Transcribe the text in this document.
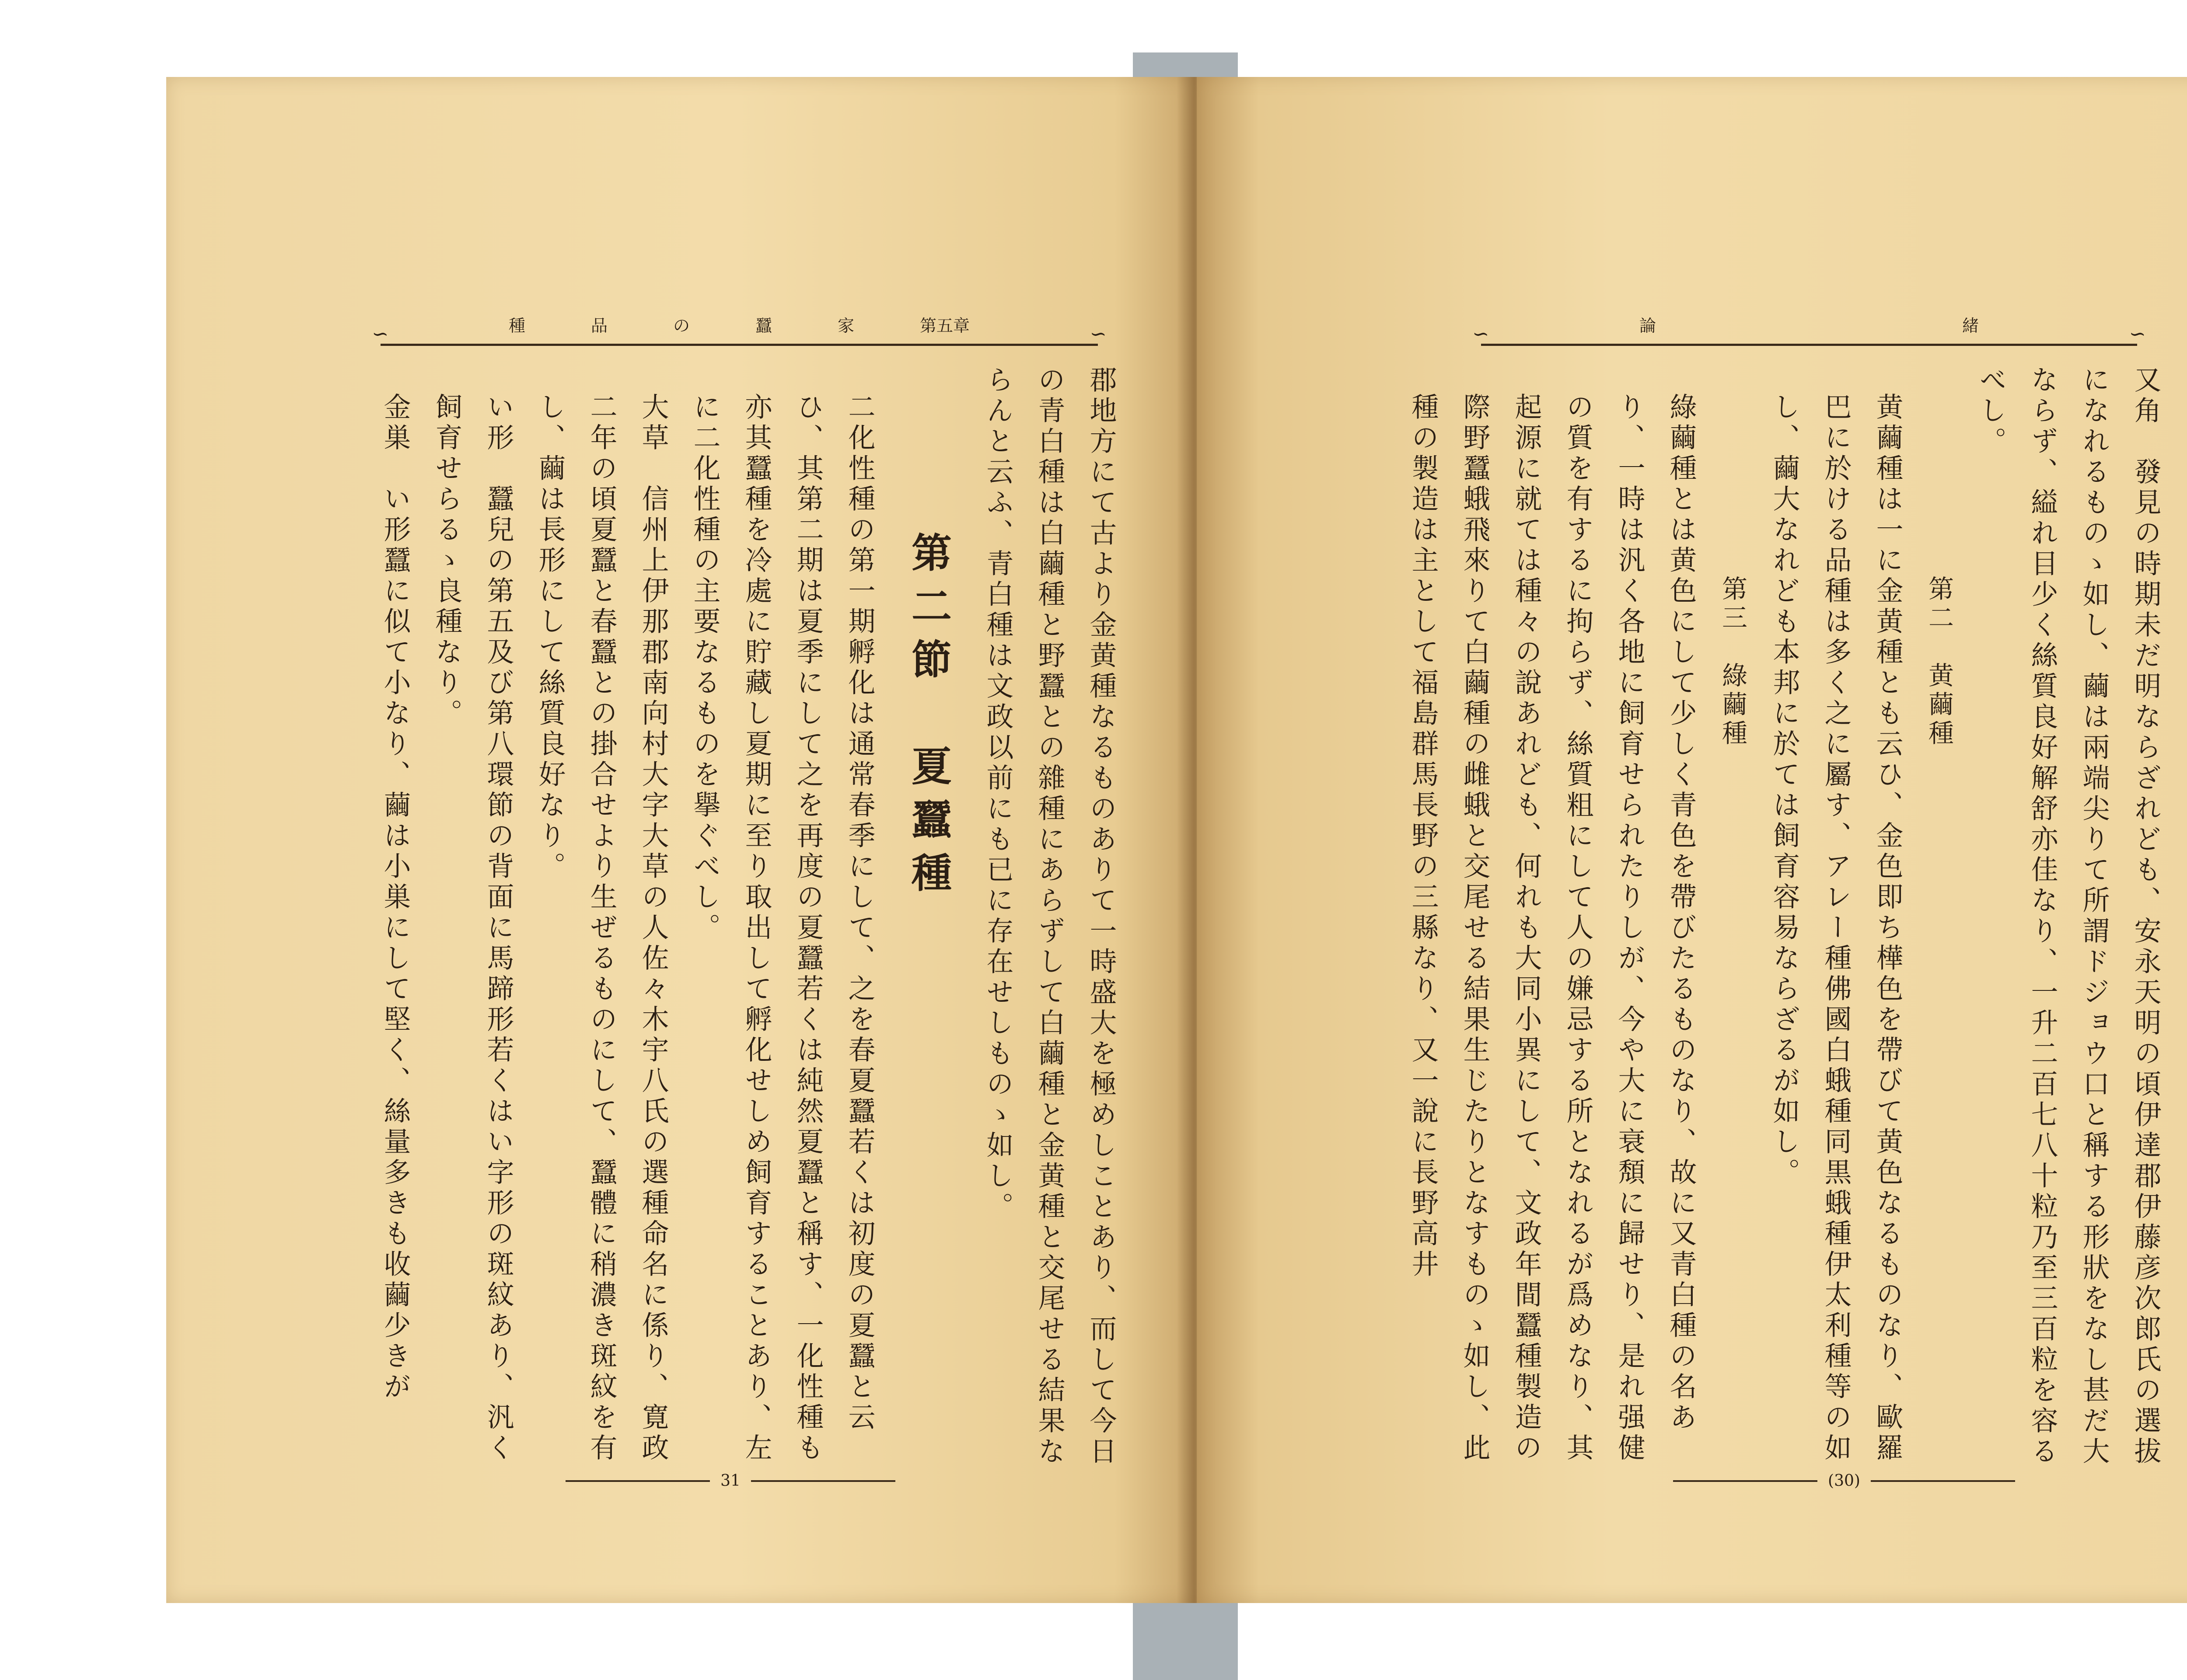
∽	第五章
家
蠶
の
品
種	∽

郡地方にて古より金黄種なるものありて一時盛大を極めしことあり、而して今日の青白種は白繭種と野蠶との雜種にあらずして白繭種と金黄種と交尾せる結果ならんと云ふ、青白種は文政以前にも已に存在せしものゝ如し。

第二節　夏蠶種

二化性種の第一期孵化は通常春季にして、之を春夏蠶若くは初度の夏蠶と云ひ、其第二期は夏季にして之を再度の夏蠶若くは純然夏蠶と稱す、一化性種も亦其蠶種を冷處に貯藏し夏期に至り取出して孵化せしめ飼育することあり、左に二化性種の主要なるものを擧ぐべし。

大草　信州上伊那郡南向村大字大草の人佐々木宇八氏の選種命名に係り、寛政二年の頃夏蠶と春蠶との掛合せより生ぜるものにして、蠶體に稍濃き斑紋を有し、繭は長形にして絲質良好なり。

い形　蠶兒の第五及び第八環節の背面に馬蹄形若くはい字形の斑紋あり、汎く飼育せらるゝ良種なり。

金巣　い形蠶に似て小なり、繭は小巣にして堅く、絲量多きも收繭少きが

31
∽	緒
論	∽

又角　發見の時期未だ明ならざれども、安永天明の頃伊達郡伊藤彦次郎氏の選拔になれるものゝ如し、繭は兩端尖りて所謂ドジョウ口と稱する形狀をなし甚だ大ならず、縊れ目少く絲質良好解舒亦佳なり、一升二百七八十粒乃至三百粒を容るべし。

第二　黄繭種

黄繭種は一に金黄種とも云ひ、金色即ち樺色を帶びて黄色なるものなり、歐羅巴に於ける品種は多く之に屬す、アレー種佛國白蛾種同黒蛾種伊太利種等の如し、繭大なれども本邦に於ては飼育容易ならざるが如し。

第三　綠繭種

綠繭種とは黄色にして少しく青色を帶びたるものなり、故に又青白種の名あり、一時は汎く各地に飼育せられたりしが、今や大に衰頽に歸せり、是れ强健の質を有するに拘らず、絲質粗にして人の嫌忌する所となれるが爲めなり、其起源に就ては種々の說あれども、何れも大同小異にして、文政年間蠶種製造の際野蠶蛾飛來りて白繭種の雌蛾と交尾せる結果生じたりとなすものゝ如し、此種の製造は主として福島群馬長野の三縣なり、又一說に長野高井

(30)
